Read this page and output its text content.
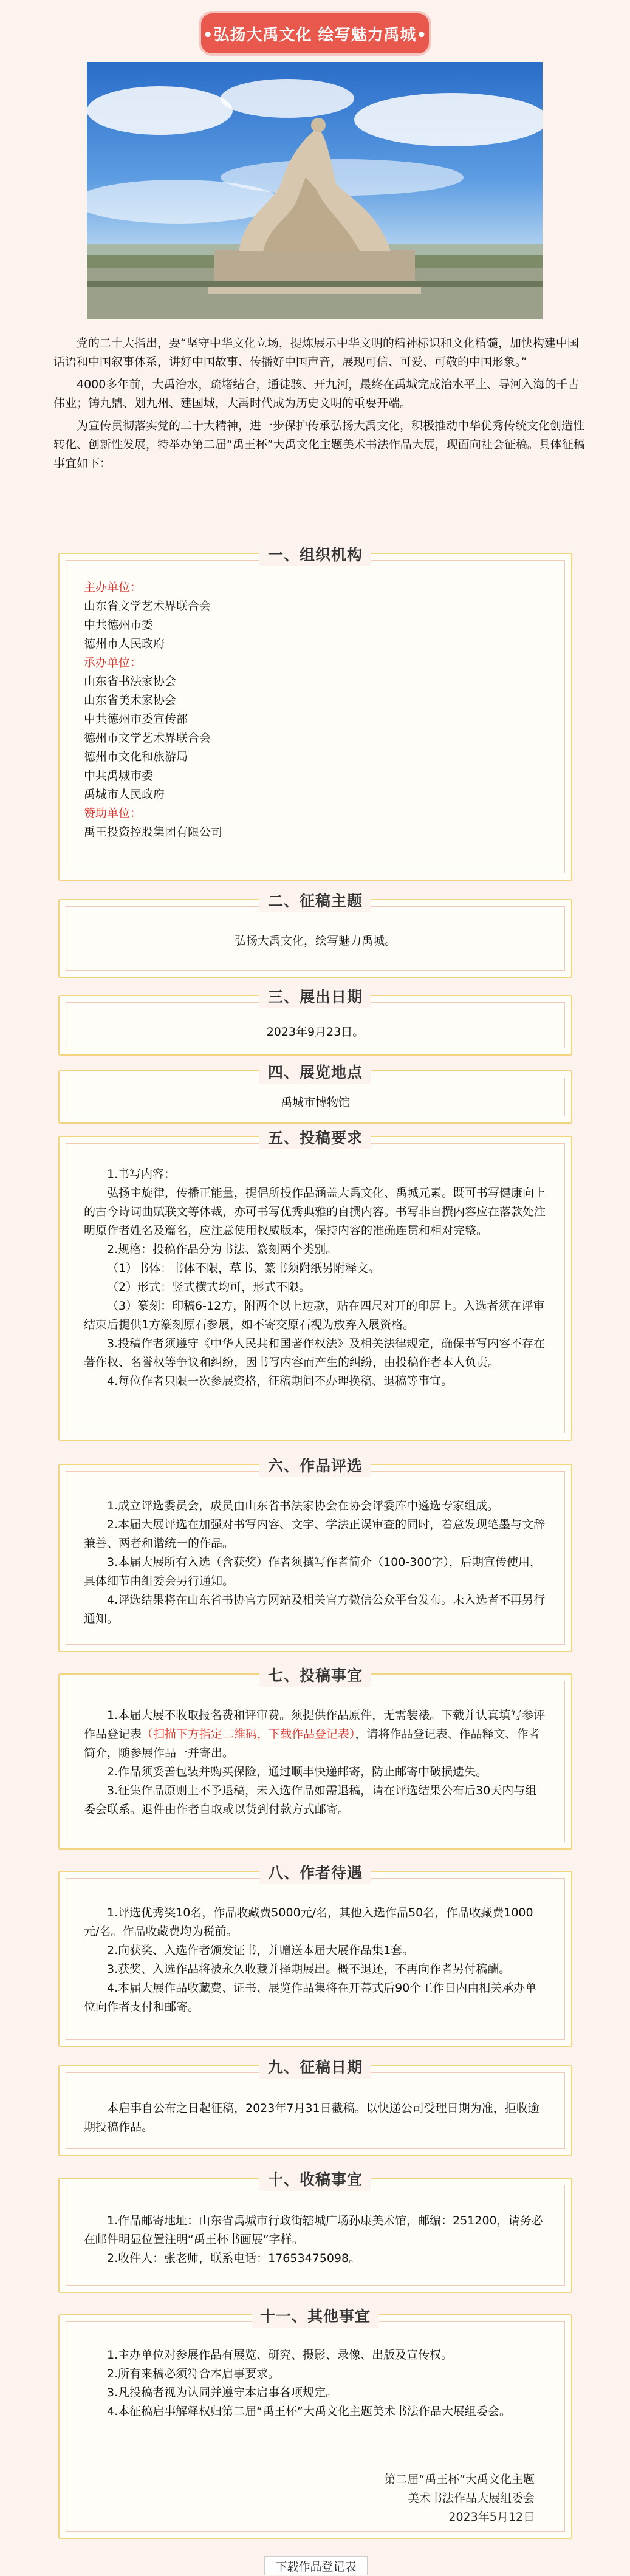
•弘扬大禹文化 绘写魅力禹城•

党的二十大指出，要“坚守中华文化立场，提炼展示中华文明的精神标识和文化精髓，加快构建中国话语和中国叙事体系，讲好中国故事、传播好中国声音，展现可信、可爱、可敬的中国形象。”

4000多年前，大禹治水，疏堵结合，通徒骇、开九河，最终在禹城完成治水平土、导河入海的千古伟业；铸九鼎、划九州、建国城，大禹时代成为历史文明的重要开端。

为宣传贯彻落实党的二十大精神，进一步保护传承弘扬大禹文化，积极推动中华优秀传统文化创造性转化、创新性发展，特举办第二届“禹王杯”大禹文化主题美术书法作品大展，现面向社会征稿。具体征稿事宜如下：

一、组织机构

主办单位：

山东省文学艺术界联合会

中共德州市委

德州市人民政府

承办单位：

山东省书法家协会

山东省美术家协会

中共德州市委宣传部

德州市文学艺术界联合会

德州市文化和旅游局

中共禹城市委

禹城市人民政府

赞助单位：

禹王投资控股集团有限公司

二、征稿主题

弘扬大禹文化，绘写魅力禹城。

三、展出日期

2023年9月23日。

四、展览地点

禹城市博物馆

五、投稿要求

1.书写内容：

弘扬主旋律，传播正能量，提倡所投作品涵盖大禹文化、禹城元素。既可书写健康向上的古今诗词曲赋联文等体裁，亦可书写优秀典雅的自撰内容。书写非自撰内容应在落款处注明原作者姓名及篇名，应注意使用权威版本，保持内容的准确连贯和相对完整。

2.规格：投稿作品分为书法、篆刻两个类别。

（1）书体：书体不限，草书、篆书须附纸另附释文。

（2）形式：竖式横式均可，形式不限。

（3）篆刻：印稿6-12方，附两个以上边款，贴在四尺对开的印屏上。入选者须在评审结束后提供1方篆刻原石参展，如不寄交原石视为放弃入展资格。

3.投稿作者须遵守《中华人民共和国著作权法》及相关法律规定，确保书写内容不存在著作权、名誉权等争议和纠纷，因书写内容而产生的纠纷，由投稿作者本人负责。

4.每位作者只限一次参展资格，征稿期间不办理换稿、退稿等事宜。

六、作品评选

1.成立评选委员会，成员由山东省书法家协会在协会评委库中遴选专家组成。

2.本届大展评选在加强对书写内容、文字、学法正误审查的同时，着意发现笔墨与文辞兼善、两者和谐统一的作品。

3.本届大展所有入选（含获奖）作者须撰写作者简介（100-300字），后期宣传使用，具体细节由组委会另行通知。

4.评选结果将在山东省书协官方网站及相关官方微信公众平台发布。未入选者不再另行通知。

七、投稿事宜

1.本届大展不收取报名费和评审费。须提供作品原件，无需装裱。下载并认真填写参评作品登记表（扫描下方指定二维码，下载作品登记表），请将作品登记表、作品释文、作者简介，随参展作品一并寄出。

2.作品须妥善包装并购买保险，通过顺丰快递邮寄，防止邮寄中破损遗失。

3.征集作品原则上不予退稿，未入选作品如需退稿，请在评选结果公布后30天内与组委会联系。退件由作者自取或以货到付款方式邮寄。

八、作者待遇

1.评选优秀奖10名，作品收藏费5000元/名，其他入选作品50名，作品收藏费1000元/名。作品收藏费均为税前。

2.向获奖、入选作者颁发证书，并赠送本届大展作品集1套。

3.获奖、入选作品将被永久收藏并择期展出。概不退还，不再向作者另付稿酬。

4.本届大展作品收藏费、证书、展览作品集将在开幕式后90个工作日内由相关承办单位向作者支付和邮寄。

九、征稿日期

本启事自公布之日起征稿，2023年7月31日截稿。以快递公司受理日期为准，拒收逾期投稿作品。

十、收稿事宜

1.作品邮寄地址：山东省禹城市行政街辖城广场孙康美术馆，邮编：251200，请务必在邮件明显位置注明“禹王杯书画展”字样。

2.收件人：张老师，联系电话：17653475098。

十一、其他事宜

1.主办单位对参展作品有展览、研究、摄影、录像、出版及宣传权。

2.所有来稿必须符合本启事要求。

3.凡投稿者视为认同并遵守本启事各项规定。

4.本征稿启事解释权归第二届“禹王杯”大禹文化主题美术书法作品大展组委会。

第二届“禹王杯”大禹文化主题

美术书法作品大展组委会

2023年5月12日

下载作品登记表
